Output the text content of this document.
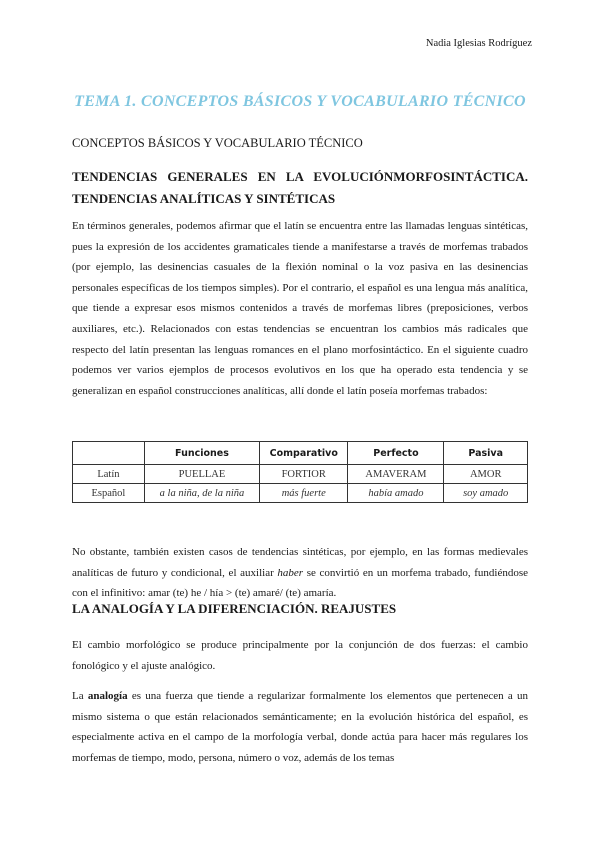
Nadia Iglesias Rodríguez
TEMA 1. CONCEPTOS BÁSICOS Y VOCABULARIO TÉCNICO
CONCEPTOS BÁSICOS Y VOCABULARIO TÉCNICO
TENDENCIAS GENERALES EN LA EVOLUCIÓNMORFOSINTÁCTICA. TENDENCIAS ANALÍTICAS Y SINTÉTICAS
En términos generales, podemos afirmar que el latín se encuentra entre las llamadas lenguas sintéticas, pues la expresión de los accidentes gramaticales tiende a manifestarse a través de morfemas trabados (por ejemplo, las desinencias casuales de la flexión nominal o la voz pasiva en las desinencias personales específicas de los tiempos simples). Por el contrario, el español es una lengua más analítica, que tiende a expresar esos mismos contenidos a través de morfemas libres (preposiciones, verbos auxiliares, etc.). Relacionados con estas tendencias se encuentran los cambios más radicales que respecto del latín presentan las lenguas romances en el plano morfosintáctico. En el siguiente cuadro podemos ver varios ejemplos de procesos evolutivos en los que ha operado esta tendencia y se generalizan en español construcciones analíticas, allí donde el latín poseía morfemas trabados:
	Funciones	Comparativo	Perfecto	Pasiva
Latín	PUELLAE	FORTIOR	AMAVERAM	AMOR
Español	a la niña, de la niña	más fuerte	había amado	soy amado
No obstante, también existen casos de tendencias sintéticas, por ejemplo, en las formas medievales analíticas de futuro y condicional, el auxiliar haber se convirtió en un morfema trabado, fundiéndose con el infinitivo: amar (te) he / hía > (te) amaré/ (te) amaría.
LA ANALOGÍA Y LA DIFERENCIACIÓN. REAJUSTES
El cambio morfológico se produce principalmente por la conjunción de dos fuerzas: el cambio fonológico y el ajuste analógico.
La analogía es una fuerza que tiende a regularizar formalmente los elementos que pertenecen a un mismo sistema o que están relacionados semánticamente; en la evolución histórica del español, es especialmente activa en el campo de la morfología verbal, donde actúa para hacer más regulares los morfemas de tiempo, modo, persona, número o voz, además de los temas
